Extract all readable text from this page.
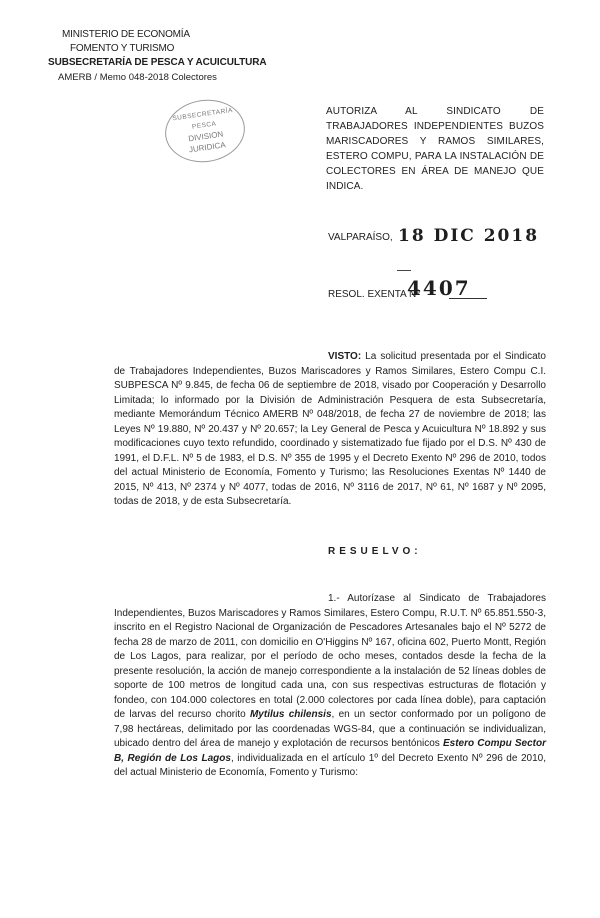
MINISTERIO DE ECONOMÍA
FOMENTO Y TURISMO
SUBSECRETARÍA DE PESCA Y ACUICULTURA
AMERB / Memo 048-2018 Colectores
SUBSECRETARÍA PESCA
DIVISION
JURIDICA
AUTORIZA AL SINDICATO DE TRABAJADORES INDEPENDIENTES BUZOS MARISCADORES Y RAMOS SIMILARES, ESTERO COMPU, PARA LA INSTALACIÓN DE COLECTORES EN ÁREA DE MANEJO QUE INDICA.
VALPARAÍSO, 18 DIC 2018
RESOL. EXENTA Nº
4407
VISTO: La solicitud presentada por el Sindicato de Trabajadores Independientes, Buzos Mariscadores y Ramos Similares, Estero Compu C.I. SUBPESCA Nº 9.845, de fecha 06 de septiembre de 2018, visado por Cooperación y Desarrollo Limitada; lo informado por la División de Administración Pesquera de esta Subsecretaría, mediante Memorándum Técnico AMERB Nº 048/2018, de fecha 27 de noviembre de 2018; las Leyes Nº 19.880, Nº 20.437 y Nº 20.657; la Ley General de Pesca y Acuicultura Nº 18.892 y sus modificaciones cuyo texto refundido, coordinado y sistematizado fue fijado por el D.S. Nº 430 de 1991, el D.F.L. Nº 5 de 1983, el D.S. Nº 355 de 1995 y el Decreto Exento Nº 296 de 2010, todos del actual Ministerio de Economía, Fomento y Turismo; las Resoluciones Exentas Nº 1440 de 2015, Nº 413, Nº 2374 y Nº 4077, todas de 2016, Nº 3116 de 2017, Nº 61, Nº 1687 y Nº 2095, todas de 2018, y de esta Subsecretaría.
RESUELVO:
1.- Autorízase al Sindicato de Trabajadores Independientes, Buzos Mariscadores y Ramos Similares, Estero Compu, R.U.T. Nº 65.851.550-3, inscrito en el Registro Nacional de Organización de Pescadores Artesanales bajo el Nº 5272 de fecha 28 de marzo de 2011, con domicilio en O'Higgins Nº 167, oficina 602, Puerto Montt, Región de Los Lagos, para realizar, por el período de ocho meses, contados desde la fecha de la presente resolución, la acción de manejo correspondiente a la instalación de 52 líneas dobles de soporte de 100 metros de longitud cada una, con sus respectivas estructuras de flotación y fondeo, con 104.000 colectores en total (2.000 colectores por cada línea doble), para captación de larvas del recurso chorito Mytilus chilensis, en un sector conformado por un polígono de 7,98 hectáreas, delimitado por las coordenadas WGS-84, que a continuación se individualizan, ubicado dentro del área de manejo y explotación de recursos bentónicos Estero Compu Sector B, Región de Los Lagos, individualizada en el artículo 1º del Decreto Exento Nº 296 de 2010, del actual Ministerio de Economía, Fomento y Turismo:
